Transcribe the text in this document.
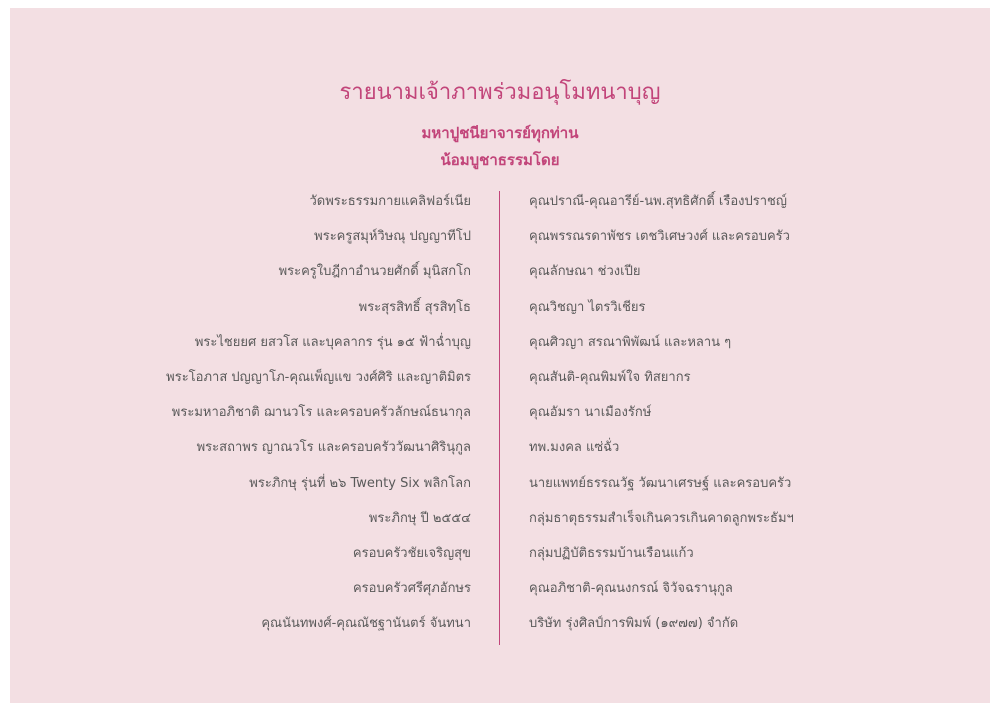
รายนามเจ้าภาพร่วมอนุโมทนาบุญ

มหาปูชนียาจารย์ทุกท่าน

น้อมบูชาธรรมโดย

วัดพระธรรมกายแคลิฟอร์เนีย
พระครูสมุห์วิษณุ ปญญาทีโป
พระครูใบฎีกาอำนวยศักดิ์ มุนิสกโก
พระสุรสิทธิ์ สุรสิทฺโธ
พระไชยยศ ยสวโส และบุคลากร รุ่น ๑๕ ฟ้าฉ่ำบุญ
พระโอภาส ปญญาโภ-คุณเพ็ญแข วงศ์ศิริ และญาติมิตร
พระมหาอภิชาติ ฌานวโร และครอบครัวลักษณ์ธนากุล
พระสถาพร ญาณวโร และครอบครัววัฒนาศิรินุกูล
พระภิกษุ รุ่นที่ ๒๖ Twenty Six พลิกโลก
พระภิกษุ ปี ๒๕๕๔
ครอบครัวชัยเจริญสุข
ครอบครัวศรีศุภอักษร
คุณนันทพงศ์-คุณณัชฐานันตร์ จันทนา
คุณปราณี-คุณอารีย์-นพ.สุทธิศักดิ์ เรืองปราชญ์
คุณพรรณรดาพัชร เตชวิเศษวงศ์ และครอบครัว
คุณลักษณา ช่วงเปีย
คุณวิชญา ไตรวิเชียร
คุณศิวญา สรณาพิพัฒน์ และหลาน ๆ
คุณสันติ-คุณพิมพ์ใจ ทิสยากร
คุณอัมรา นาเมืองรักษ์
ทพ.มงคล แซ่ฉั่ว
นายแพทย์ธรรณวัฐ วัฒนาเศรษฐ์ และครอบครัว
กลุ่มธาตุธรรมสำเร็จเกินควรเกินคาดลูกพระธัมฯ
กลุ่มปฏิบัติธรรมบ้านเรือนแก้ว
คุณอภิชาติ-คุณนงกรณ์ จิวัจฉรานุกูล
บริษัท รุ่งศิลป์การพิมพ์ (๑๙๗๗) จำกัด
